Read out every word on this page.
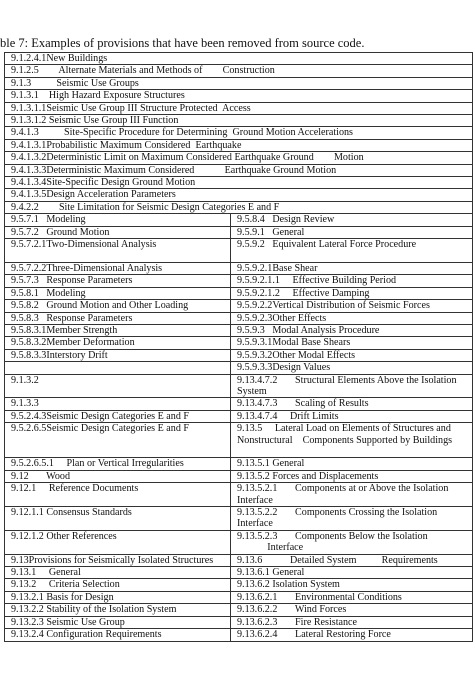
ble 7: Examples of provisions that have been removed from source code.
9.1.2.4.1New Buildings	
9.1.2.5        Alternate Materials and Methods of        Construction	
9.1.3          Seismic Use Groups	
9.1.3.1    High Hazard Exposure Structures	
9.1.3.1.1Seismic Use Group III Structure Protected  Access	
9.1.3.1.2 Seismic Use Group III Function	
9.4.1.3          Site-Specific Procedure for Determining  Ground Motion Accelerations	
9.4.1.3.1Probabilistic Maximum Considered  Earthquake	
9.4.1.3.2Deterministic Limit on Maximum Considered Earthquake Ground        Motion	
9.4.1.3.3Deterministic Maximum Considered            Earthquake Ground Motion	
9.4.1.3.4Site-Specific Design Ground Motion	
9.4.1.3.5Design Acceleration Parameters	
9.4.2.2        Site Limitation for Seismic Design Categories E and F	
9.5.7.1   Modeling	9.5.8.4   Design Review
9.5.7.2   Ground Motion	9.5.9.1   General
9.5.7.2.1Two-Dimensional Analysis	9.5.9.2   Equivalent Lateral Force Procedure

9.5.7.2.2Three-Dimensional Analysis	9.5.9.2.1Base Shear
9.5.7.3   Response Parameters	9.5.9.2.1.1     Effective Building Period
9.5.8.1   Modeling	9.5.9.2.1.2     Effective Damping
9.5.8.2   Ground Motion and Other Loading	9.5.9.2.2Vertical Distribution of Seismic Forces
9.5.8.3   Response Parameters	9.5.9.2.3Other Effects
9.5.8.3.1Member Strength	9.5.9.3   Modal Analysis Procedure
9.5.8.3.2Member Deformation	9.5.9.3.1Modal Base Shears
9.5.8.3.3Interstory Drift	9.5.9.3.2Other Modal Effects
	9.5.9.3.3Design Values
9.1.3.2	9.13.4.7.2       Structural Elements Above the Isolation System
9.1.3.3	9.13.4.7.3       Scaling of Results
9.5.2.4.3Seismic Design Categories E and F	9.13.4.7.4     Drift Limits
9.5.2.6.5Seismic Design Categories E and F	9.13.5     Lateral Load on Elements of Structures and Nonstructural    Components Supported by Buildings
9.5.2.6.5.1     Plan or Vertical Irregularities	9.13.5.1 General
9.12       Wood	9.13.5.2 Forces and Displacements
9.12.1     Reference Documents	9.13.5.2.1       Components at or Above the Isolation Interface
9.12.1.1 Consensus Standards	9.13.5.2.2       Components Crossing the Isolation Interface
9.12.1.2 Other References	9.13.5.2.3       Components Below the Isolation
Interface
9.13Provisions for Seismically Isolated Structures	9.13.6           Detailed System          Requirements
9.13.1     General	9.13.6.1 General
9.13.2     Criteria Selection	9.13.6.2 Isolation System
9.13.2.1 Basis for Design	9.13.6.2.1       Environmental Conditions
9.13.2.2 Stability of the Isolation System	9.13.6.2.2       Wind Forces
9.13.2.3 Seismic Use Group	9.13.6.2.3       Fire Resistance
9.13.2.4 Configuration Requirements	9.13.6.2.4       Lateral Restoring Force
